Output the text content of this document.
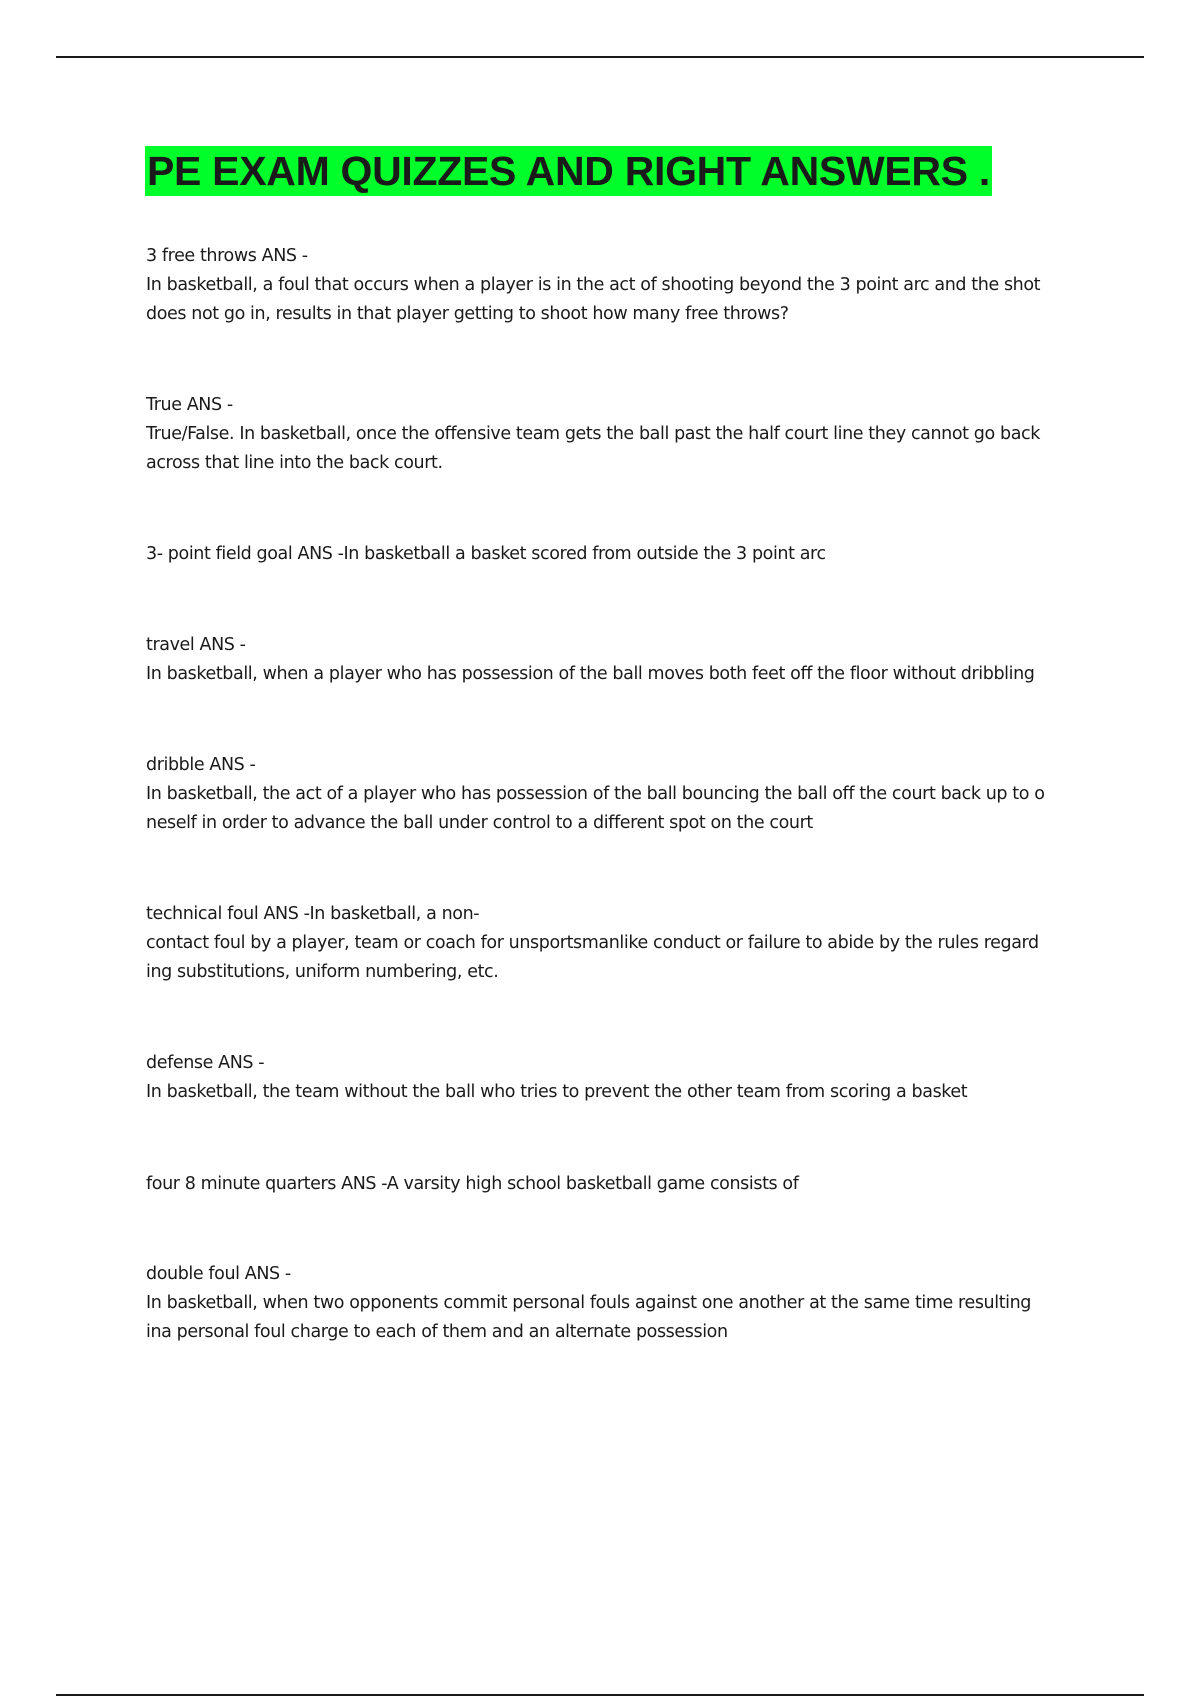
PE EXAM QUIZZES AND RIGHT ANSWERS .
3 free throws ANS -
In basketball, a foul that occurs when a player is in the act of shooting beyond the 3 point arc and the shot
does not go in, results in that player getting to shoot how many free throws?
True ANS -
True/False. In basketball, once the offensive team gets the ball past the half court line they cannot go back
across that line into the back court.
3- point field goal ANS -In basketball a basket scored from outside the 3 point arc
travel ANS -
In basketball, when a player who has possession of the ball moves both feet off the floor without dribbling
dribble ANS -
In basketball, the act of a player who has possession of the ball bouncing the ball off the court back up to o
neself in order to advance the ball under control to a different spot on the court
technical foul ANS -In basketball, a non-
contact foul by a player, team or coach for unsportsmanlike conduct or failure to abide by the rules regard
ing substitutions, uniform numbering, etc.
defense ANS -
In basketball, the team without the ball who tries to prevent the other team from scoring a basket
four 8 minute quarters ANS -A varsity high school basketball game consists of
double foul ANS -
In basketball, when two opponents commit personal fouls against one another at the same time resulting
ina personal foul charge to each of them and an alternate possession
